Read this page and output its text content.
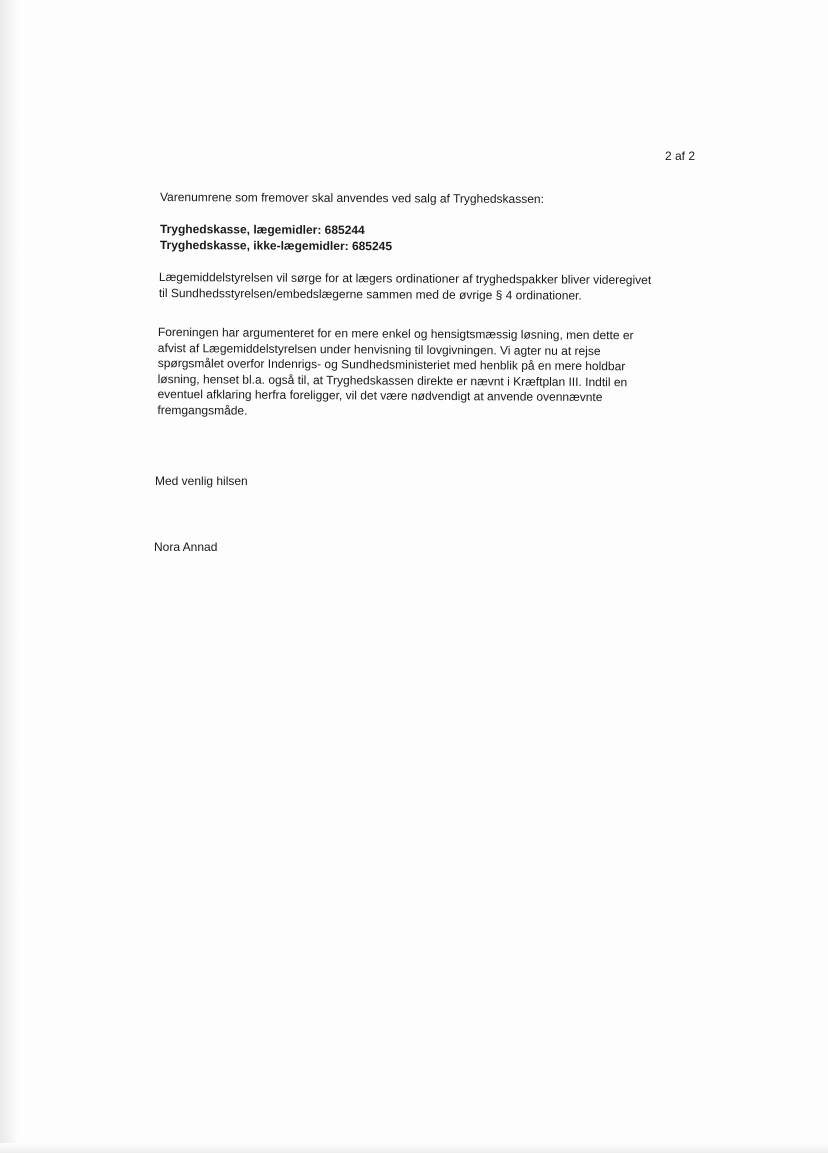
2 af 2
Varenumrene som fremover skal anvendes ved salg af Tryghedskassen:
Tryghedskasse, lægemidler: 685244
Tryghedskasse, ikke-lægemidler: 685245
Lægemiddelstyrelsen vil sørge for at lægers ordinationer af tryghedspakker bliver videregivet
til Sundhedsstyrelsen/embedslægerne sammen med de øvrige § 4 ordinationer.
Foreningen har argumenteret for en mere enkel og hensigtsmæssig løsning, men dette er
afvist af Lægemiddelstyrelsen under henvisning til lovgivningen. Vi agter nu at rejse
spørgsmålet overfor Indenrigs- og Sundhedsministeriet med henblik på en mere holdbar
løsning, henset bl.a. også til, at Tryghedskassen direkte er nævnt i Kræftplan III. Indtil en
eventuel afklaring herfra foreligger, vil det være nødvendigt at anvende ovennævnte
fremgangsmåde.
Med venlig hilsen
Nora Annad
